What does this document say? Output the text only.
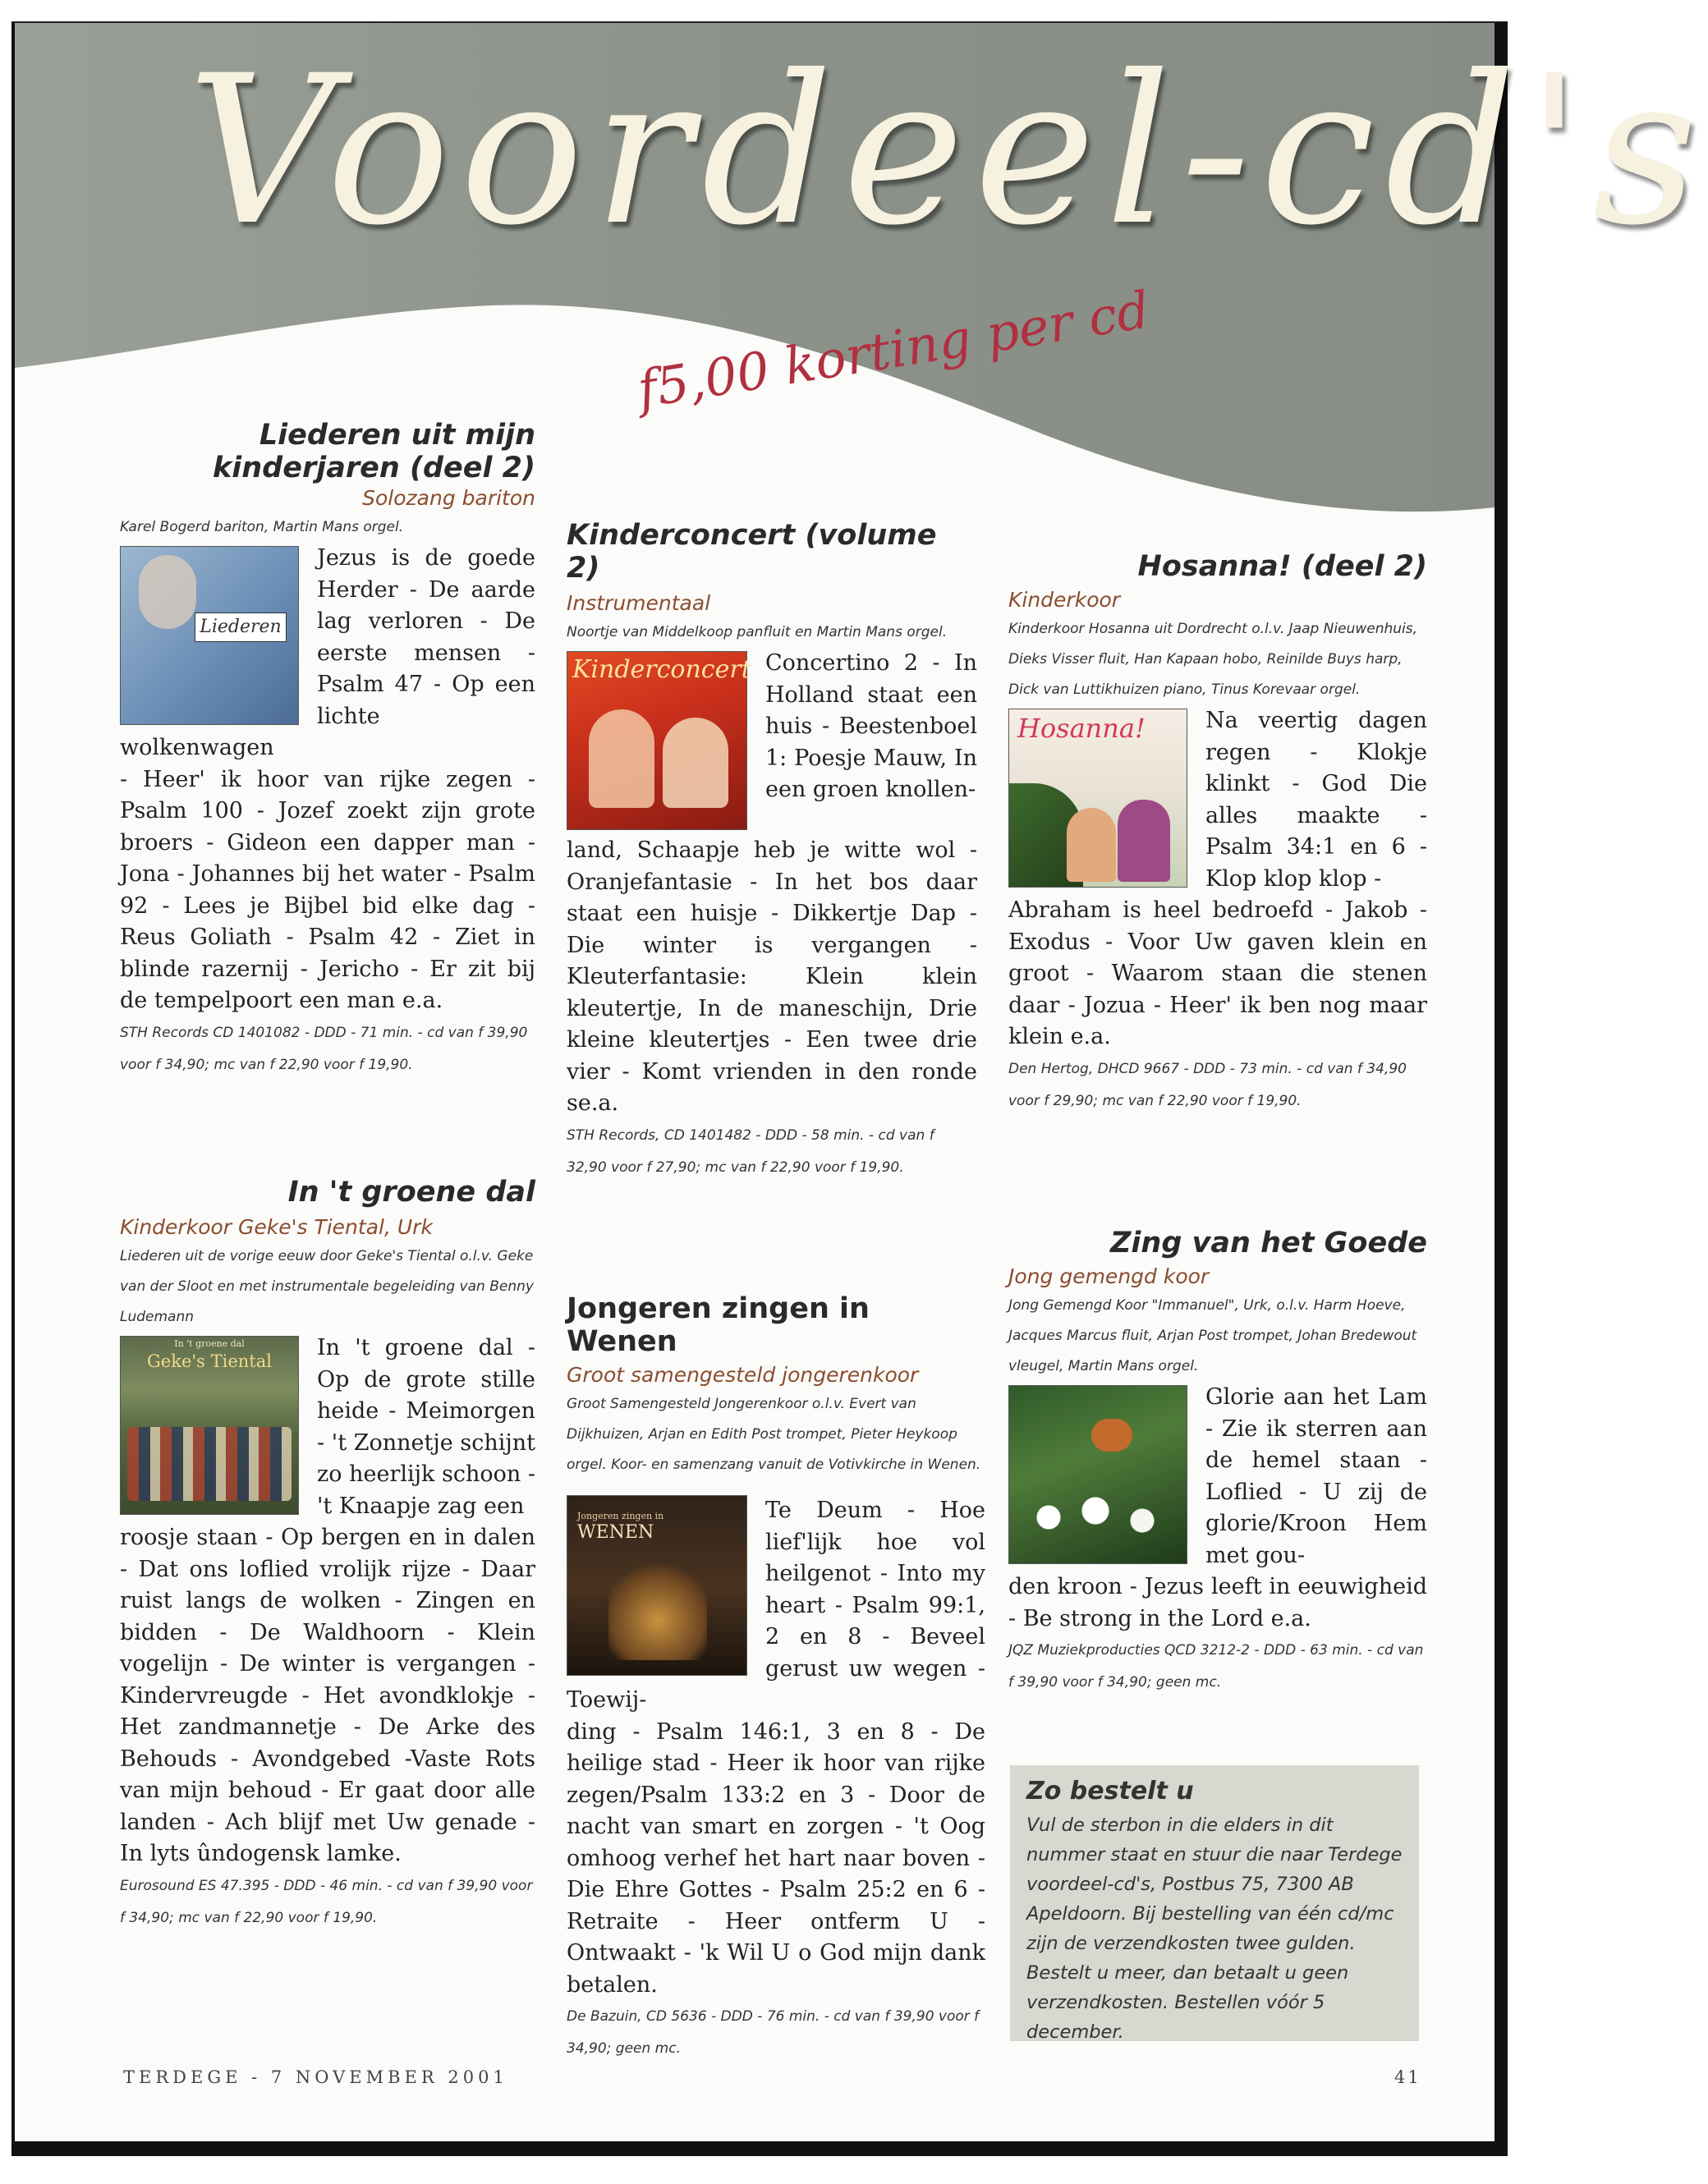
Voordeel-cd's
f5,00 korting per cd

Liederen uit mijn

kinderjaren (deel 2)

Solozang bariton

Karel Bogerd bariton, Martin Mans orgel.

Liederen

Jezus is de goede Herder - De aarde lag verloren - De eerste mensen - Psalm 47 - Op een lichte wolkenwagen

- Heer' ik hoor van rijke zegen - Psalm 100 - Jozef zoekt zijn grote broers - Gideon een dapper man - Jona - Johannes bij het water - Psalm 92 - Lees je Bijbel bid elke dag - Reus Goliath - Psalm 42 - Ziet in blinde razernij - Jericho - Er zit bij de tempelpoort een man e.a.

STH Records CD 1401082 - DDD - 71 min. - cd van f 39,90 voor f 34,90; mc van f 22,90 voor f 19,90.

In 't groene dal

Kinderkoor Geke's Tiental, Urk

Liederen uit de vorige eeuw door Geke's Tiental o.l.v. Geke van der Sloot en met instrumentale begeleiding van Benny Ludemann

In 't groene dal
Geke's Tiental

In 't groene dal - Op de grote stille heide - Meimorgen - 't Zonnetje schijnt zo heerlijk schoon - 't Knaapje zag een

roosje staan - Op bergen en in dalen - Dat ons loflied vrolijk rijze - Daar ruist langs de wolken - Zingen en bidden - De Waldhoorn - Klein vogelijn - De winter is vergangen - Kindervreugde - Het avondklokje - Het zandmannetje - De Arke des Behouds - Avondgebed -Vaste Rots van mijn behoud - Er gaat door alle landen - Ach blijf met Uw genade - In lyts ûndogensk lamke.

Eurosound ES 47.395 - DDD - 46 min. - cd van f 39,90 voor f 34,90; mc van f 22,90 voor f 19,90.

Kinderconcert (volume 2)

Instrumentaal

Noortje van Middelkoop panfluit en Martin Mans orgel.

Kinderconcert Concertino 2 - In Holland staat een huis - Beestenboel 1: Poesje Mauw, In een groen knollen-

land, Schaapje heb je witte wol - Oranjefantasie - In het bos daar staat een huisje - Dikkertje Dap - Die winter is vergangen - Kleuterfantasie: Klein klein kleutertje, In de maneschijn, Drie kleine kleutertjes - Een twee drie vier - Komt vrienden in den ronde se.a.

STH Records, CD 1401482 - DDD - 58 min. - cd van f 32,90 voor f 27,90; mc van f 22,90 voor f 19,90.

Jongeren zingen in Wenen

Groot samengesteld jongerenkoor

Groot Samengesteld Jongerenkoor o.l.v. Evert van Dijkhuizen, Arjan en Edith Post trompet, Pieter Heykoop orgel. Koor- en samenzang vanuit de Votivkirche in Wenen.

Jongeren zingen in
WENEN

Te Deum - Hoe lief'lijk hoe vol heilgenot - Into my heart - Psalm 99:1, 2 en 8 - Beveel gerust uw wegen - Toewij-

ding - Psalm 146:1, 3 en 8 - De heilige stad - Heer ik hoor van rijke zegen/Psalm 133:2 en 3 - Door de nacht van smart en zorgen - 't Oog omhoog verhef het hart naar boven - Die Ehre Gottes - Psalm 25:2 en 6 - Retraite - Heer ontferm U - Ontwaakt - 'k Wil U o God mijn dank betalen.

De Bazuin, CD 5636 - DDD - 76 min. - cd van f 39,90 voor f 34,90; geen mc.

Hosanna! (deel 2)

Kinderkoor

Kinderkoor Hosanna uit Dordrecht o.l.v. Jaap Nieuwenhuis, Dieks Visser fluit, Han Kapaan hobo, Reinilde Buys harp, Dick van Luttikhuizen piano, Tinus Korevaar orgel.

Hosanna!	Na veertig dagen regen - Klokje klinkt - God Die alles maakte - Psalm 34:1 en 6 - Klop klop klop -

Abraham is heel bedroefd - Jakob - Exodus - Voor Uw gaven klein en groot - Waarom staan die stenen daar - Jozua - Heer' ik ben nog maar klein e.a.

Den Hertog, DHCD 9667 - DDD - 73 min. - cd van f 34,90 voor f 29,90; mc van f 22,90 voor f 19,90.

Zing van het Goede

Jong gemengd koor

Jong Gemengd Koor "Immanuel", Urk, o.l.v. Harm Hoeve, Jacques Marcus fluit, Arjan Post trompet, Johan Bredewout vleugel, Martin Mans orgel.

Glorie aan het Lam - Zie ik sterren aan de hemel staan - Loflied - U zij de glorie/Kroon Hem met gou-

den kroon - Jezus leeft in eeuwigheid - Be strong in the Lord e.a.

JQZ Muziekproducties QCD 3212-2 - DDD - 63 min. - cd van f 39,90 voor f 34,90; geen mc.

Zo bestelt u

Vul de sterbon in die elders in dit nummer staat en stuur die naar Terdege voordeel-cd's, Postbus 75, 7300 AB Apeldoorn. Bij bestelling van één cd/mc zijn de verzendkosten twee gulden. Bestelt u meer, dan betaalt u geen verzendkosten. Bestellen vóór 5 december.

TERDEGE - 7 NOVEMBER 2001	41
